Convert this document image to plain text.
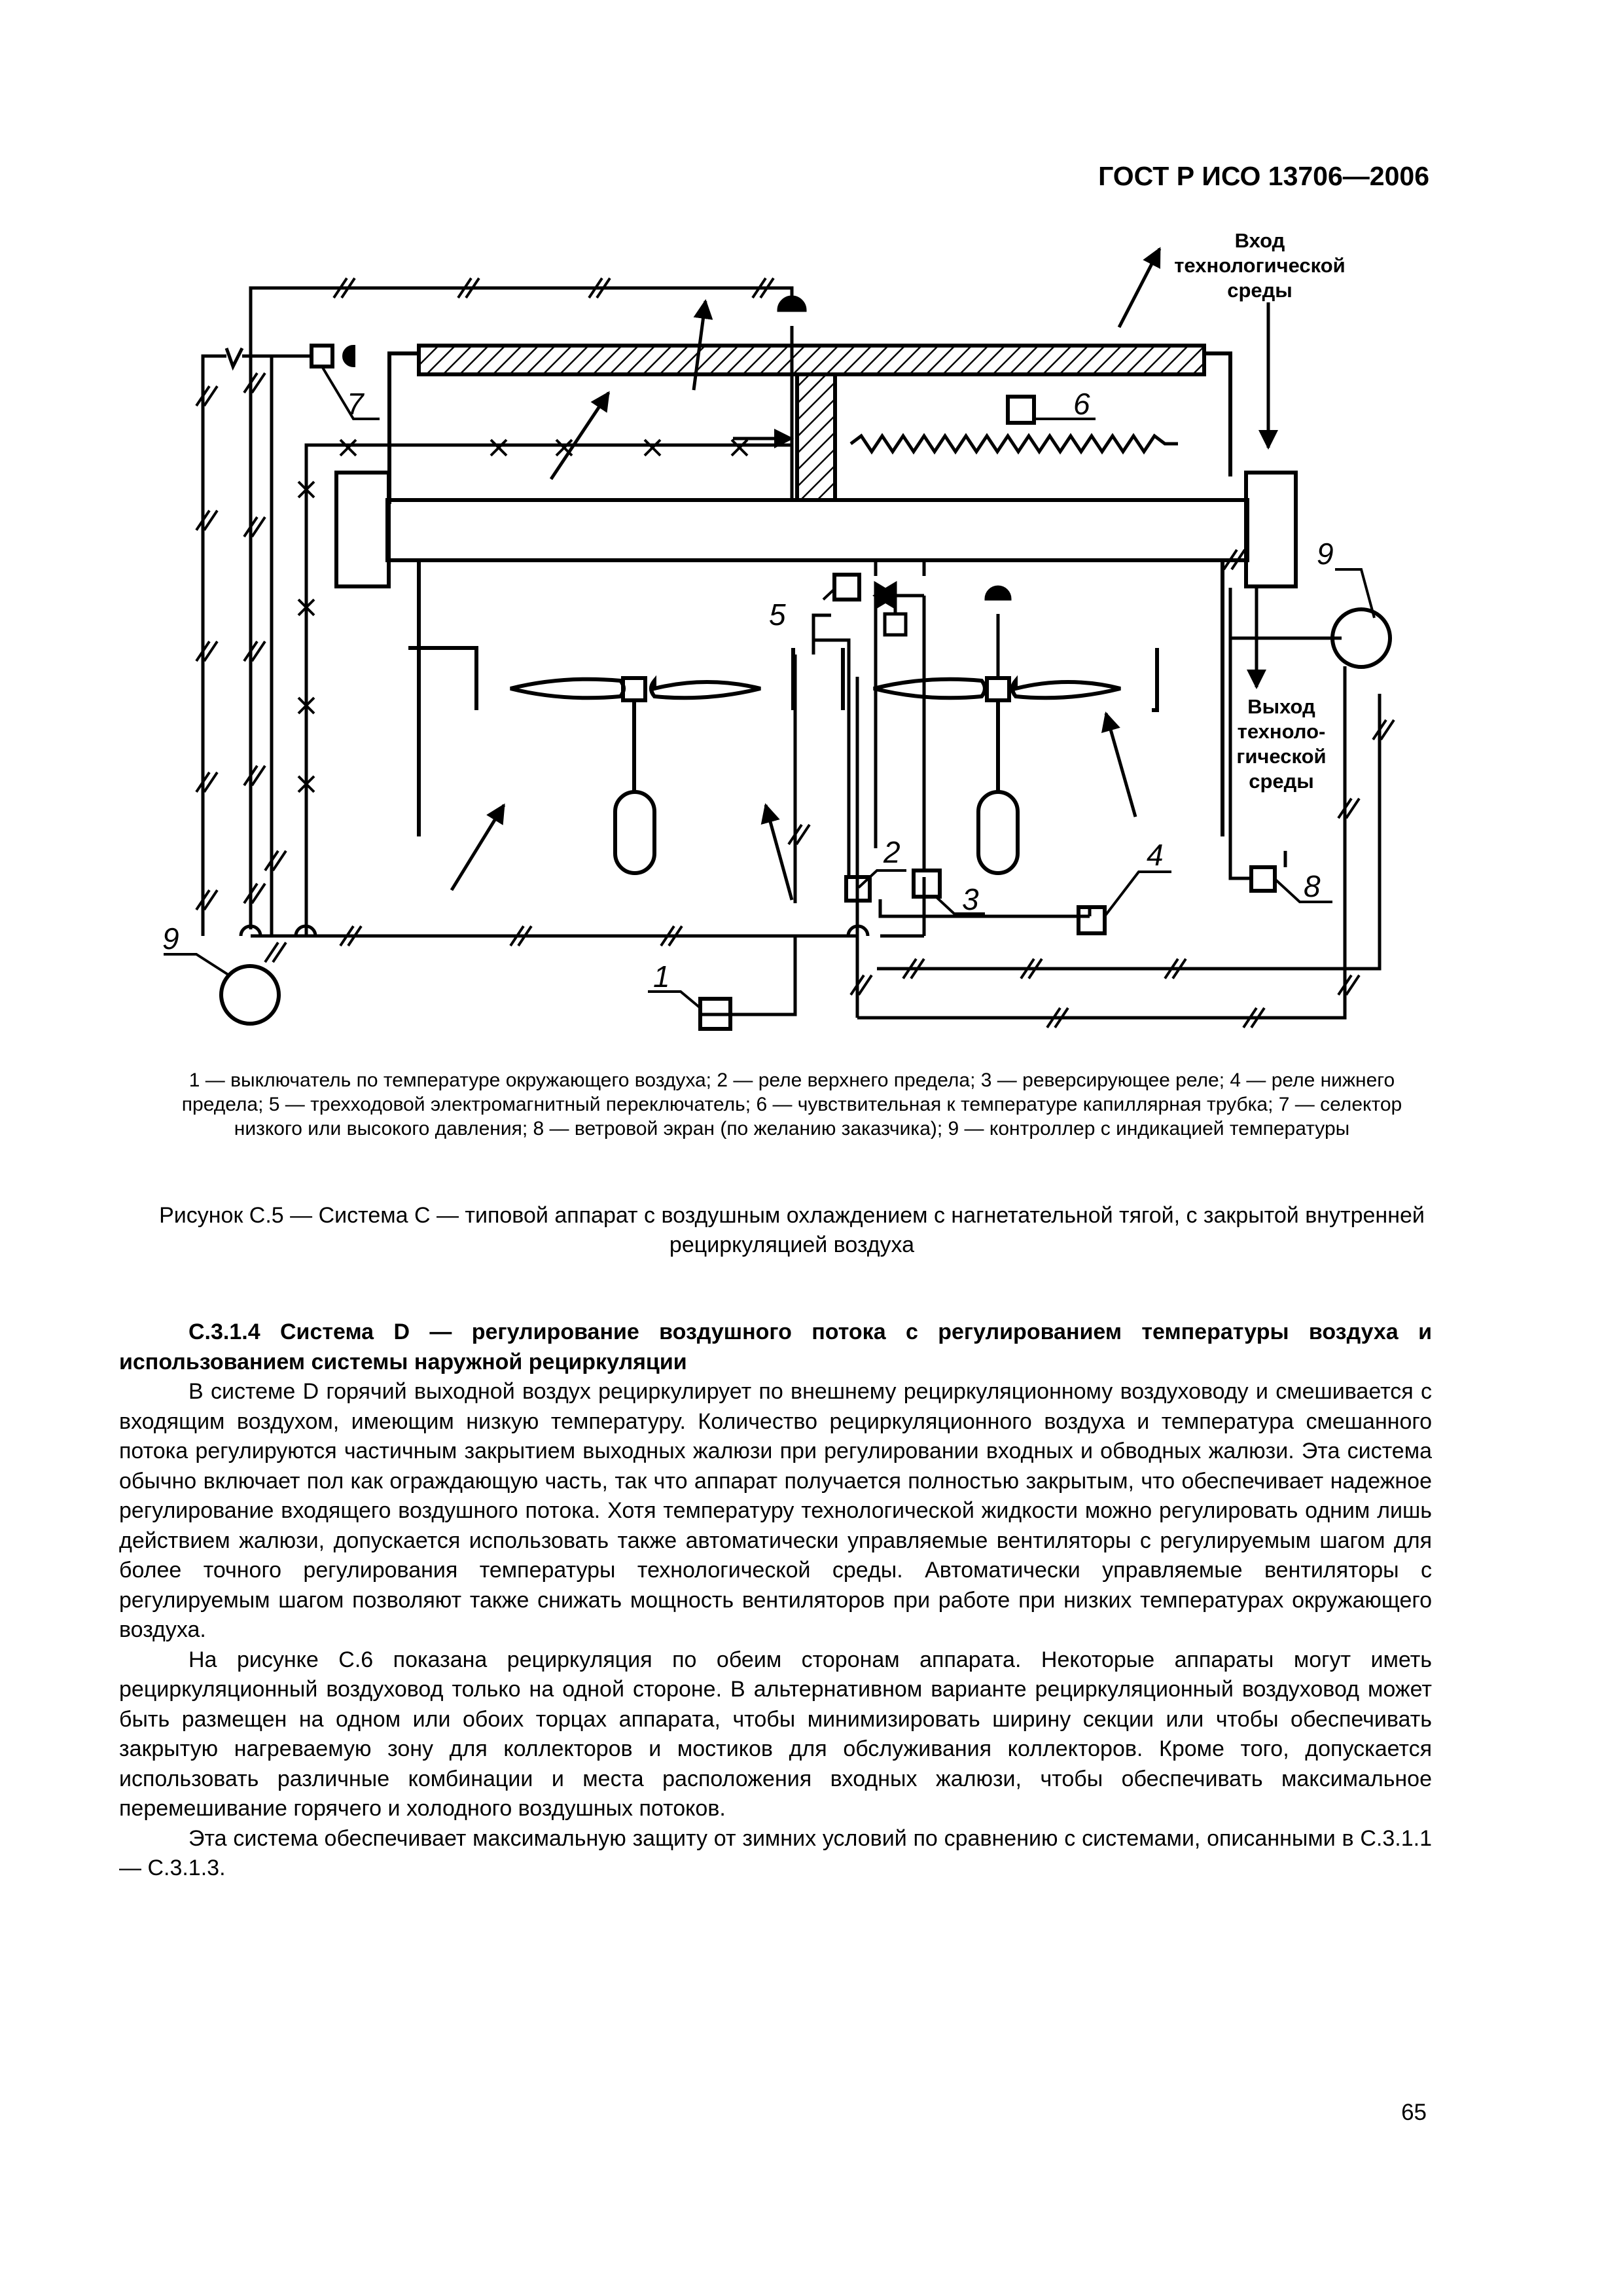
ГОСТ Р ИСО 13706—2006
7	6
5
2
3
4
8
1
9
9
Вход
технологической
среды
Выход
техноло-
гической
среды
1 — выключатель по температуре окружающего воздуха; 2 — реле верхнего предела; 3 — реверсирующее реле; 4 — реле нижнего предела; 5 — трехходовой электромагнитный переключатель; 6 — чувствительная к температуре капиллярная трубка; 7 — селектор низкого или высокого давления; 8 — ветровой экран (по желанию заказчика); 9 — контроллер с индикацией температуры
Рисунок С.5 — Система С — типовой аппарат с воздушным охлаждением с нагнетательной тягой, с закрытой внутренней рециркуляцией воздуха

С.3.1.4 Система D — регулирование воздушного потока с регулированием температуры воздуха и использованием системы наружной рециркуляции

В системе D горячий выходной воздух рециркулирует по внешнему рециркуляционному воздуховоду и смешивается с входящим воздухом, имеющим низкую температуру. Количество рециркуляционного воздуха и температура смешанного потока регулируются частичным закрытием выходных жалюзи при регулировании входных и обводных жалюзи. Эта система обычно включает пол как ограждающую часть, так что аппарат получается полностью закрытым, что обеспечивает надежное регулирование входящего воздушного потока. Хотя температуру технологической жидкости можно регулировать одним лишь действием жалюзи, допускается использовать также автоматически управляемые вентиляторы с регулируемым шагом для более точного регулирования температуры технологической среды. Автоматически управляемые вентиляторы с регулируемым шагом позволяют также снижать мощность вентиляторов при работе при низких температурах окружающего воздуха.

На рисунке С.6 показана рециркуляция по обеим сторонам аппарата. Некоторые аппараты могут иметь рециркуляционный воздуховод только на одной стороне. В альтернативном варианте рециркуляционный воздуховод может быть размещен на одном или обоих торцах аппарата, чтобы минимизировать ширину секции или чтобы обеспечивать закрытую нагреваемую зону для коллекторов и мостиков для обслуживания коллекторов. Кроме того, допускается использовать различные комбинации и места расположения входных жалюзи, чтобы обеспечивать максимальное перемешивание горячего и холодного воздушных потоков.

Эта система обеспечивает максимальную защиту от зимних условий по сравнению с системами, описанными в С.3.1.1 — С.3.1.3.

65
